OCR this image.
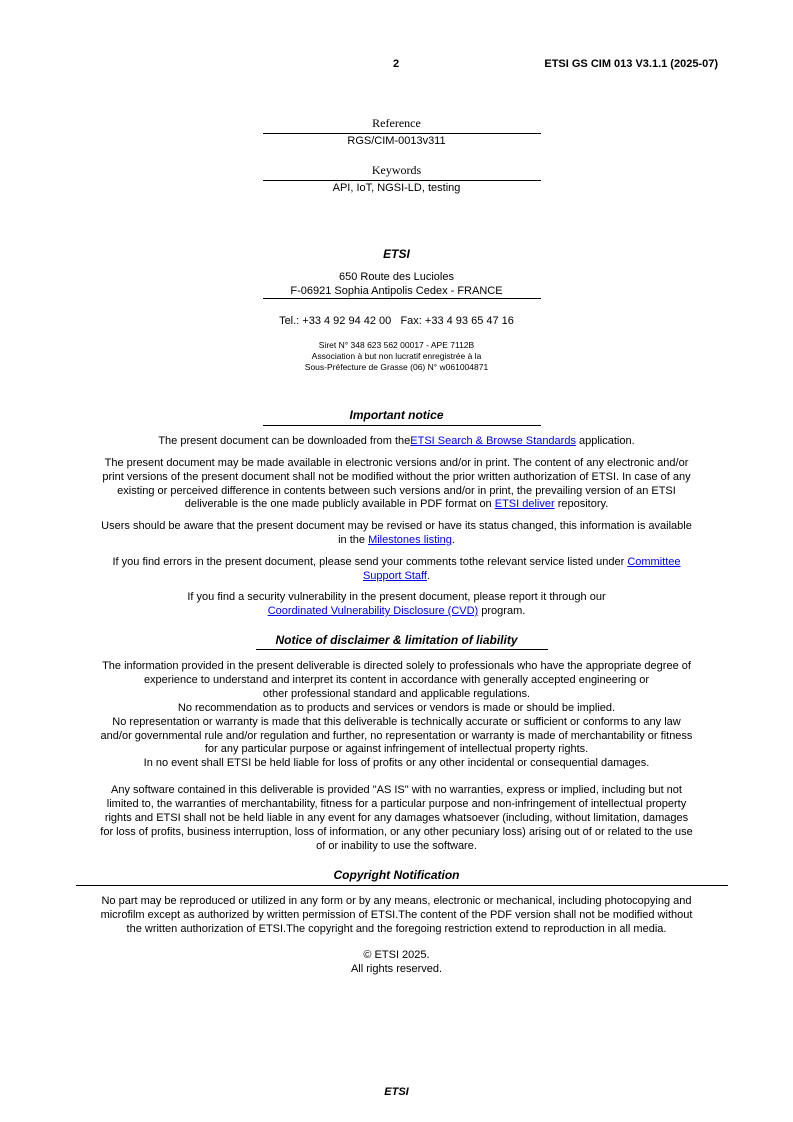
2	ETSI GS CIM 013 V3.1.1 (2025-07)
Reference
RGS/CIM-0013v311
Keywords
API, IoT, NGSI-LD, testing
ETSI
650 Route des Lucioles
F-06921 Sophia Antipolis Cedex - FRANCE
Tel.: +33 4 92 94 42 00   Fax: +33 4 93 65 47 16
Siret N° 348 623 562 00017 - APE 7112B
Association à but non lucratif enregistrée à la
Sous-Préfecture de Grasse (06) N° w061004871
Important notice
The present document can be downloaded from theETSI Search & Browse Standards application.
The present document may be made available in electronic versions and/or in print. The content of any electronic and/or
print versions of the present document shall not be modified without the prior written authorization of ETSI. In case of any
existing or perceived difference in contents between such versions and/or in print, the prevailing version of an ETSI
deliverable is the one made publicly available in PDF format on ETSI deliver repository.
Users should be aware that the present document may be revised or have its status changed, this information is available
in the Milestones listing.
If you find errors in the present document, please send your comments tothe relevant service listed under Committee
Support Staff.
If you find a security vulnerability in the present document, please report it through our
Coordinated Vulnerability Disclosure (CVD) program.
Notice of disclaimer & limitation of liability
Copyright Notification
No part may be reproduced or utilized in any form or by any means, electronic or mechanical, including photocopying and
microfilm except as authorized by written permission of ETSI.The content of the PDF version shall not be modified without
the written authorization of ETSI.The copyright and the foregoing restriction extend to reproduction in all media.
© ETSI 2025.
All rights reserved.
ETSI
The information provided in the present deliverable is directed solely to professionals who have the appropriate degree of
experience to understand and interpret its content in accordance with generally accepted engineering or
other professional standard and applicable regulations.
No recommendation as to products and services or vendors is made or should be implied.
No representation or warranty is made that this deliverable is technically accurate or sufficient or conforms to any law
and/or governmental rule and/or regulation and further, no representation or warranty is made of merchantability or fitness
for any particular purpose or against infringement of intellectual property rights.
In no event shall ETSI be held liable for loss of profits or any other incidental or consequential damages.
Any software contained in this deliverable is provided "AS IS" with no warranties, express or implied, including but not
limited to, the warranties of merchantability, fitness for a particular purpose and non-infringement of intellectual property
rights and ETSI shall not be held liable in any event for any damages whatsoever (including, without limitation, damages
for loss of profits, business interruption, loss of information, or any other pecuniary loss) arising out of or related to the use
of or inability to use the software.
